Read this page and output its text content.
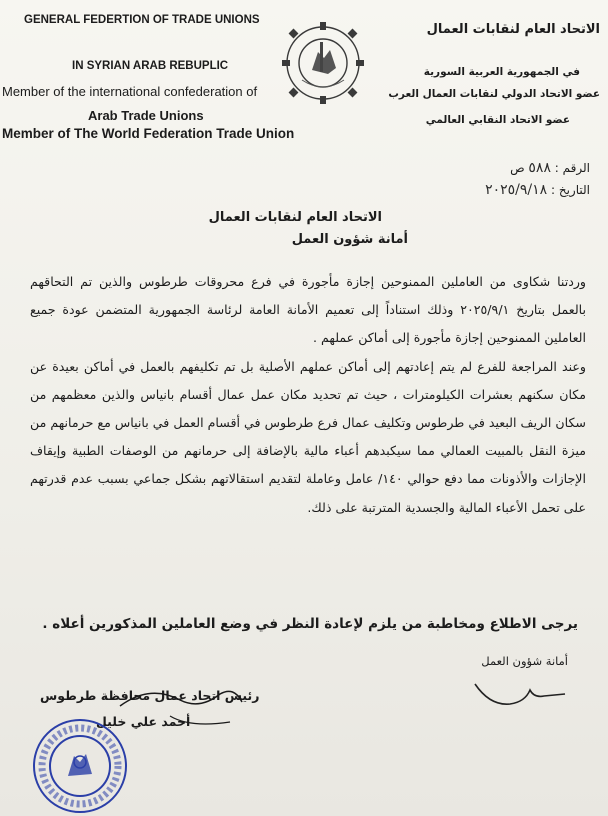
GENERAL FEDERTION OF TRADE UNIONS
IN SYRIAN ARAB REBUPLIC
Member of the international confederation of
Arab Trade Unions
Member of The World Federation Trade Union
الاتحاد العام لنقابات العمال
في الجمهورية العربية السورية
عضو الاتحاد الدولي لنقابات العمال العرب
عضو الاتحاد النقابي العالمي
الرقم : ٥٨٨ ص
التاريخ : ٢٠٢٥/٩/١٨
الاتحاد العام لنقابات العمال
أمانة شؤون العمل

وردتنا شكاوى من العاملين الممنوحين إجازة مأجورة في فرع محروقات طرطوس والذين تم التحاقهم بالعمل بتاريخ ٢٠٢٥/٩/١ وذلك استناداً إلى تعميم الأمانة العامة لرئاسة الجمهورية المتضمن عودة جميع العاملين الممنوحين إجازة مأجورة إلى أماكن عملهم .

وعند المراجعة للفرع لم يتم إعادتهم إلى أماكن عملهم الأصلية بل تم تكليفهم بالعمل في أماكن بعيدة عن مكان سكنهم بعشرات الكيلومترات ، حيث تم تحديد مكان عمل عمال أقسام بانياس والذين معظمهم من سكان الريف البعيد في طرطوس وتكليف عمال فرع طرطوس في أقسام العمل في بانياس مع حرمانهم من ميزة النقل بالمبيت العمالي مما سيكبدهم أعباء مالية بالإضافة إلى حرمانهم من الوصفات الطبية وإيقاف الإجازات والأذونات مما دفع حوالي ١٤٠/ عامل وعاملة لتقديم استقالاتهم بشكل جماعي بسبب عدم قدرتهم على تحمل الأعباء المالية والجسدية المترتبة على ذلك.

يرجى الاطلاع ومخاطبة من يلزم لإعادة النظر في وضع العاملين المذكورين أعلاه .
أمانة شؤون العمل
رئيس اتحاد عمال محافظة طرطوس
أحمد علي خليل
